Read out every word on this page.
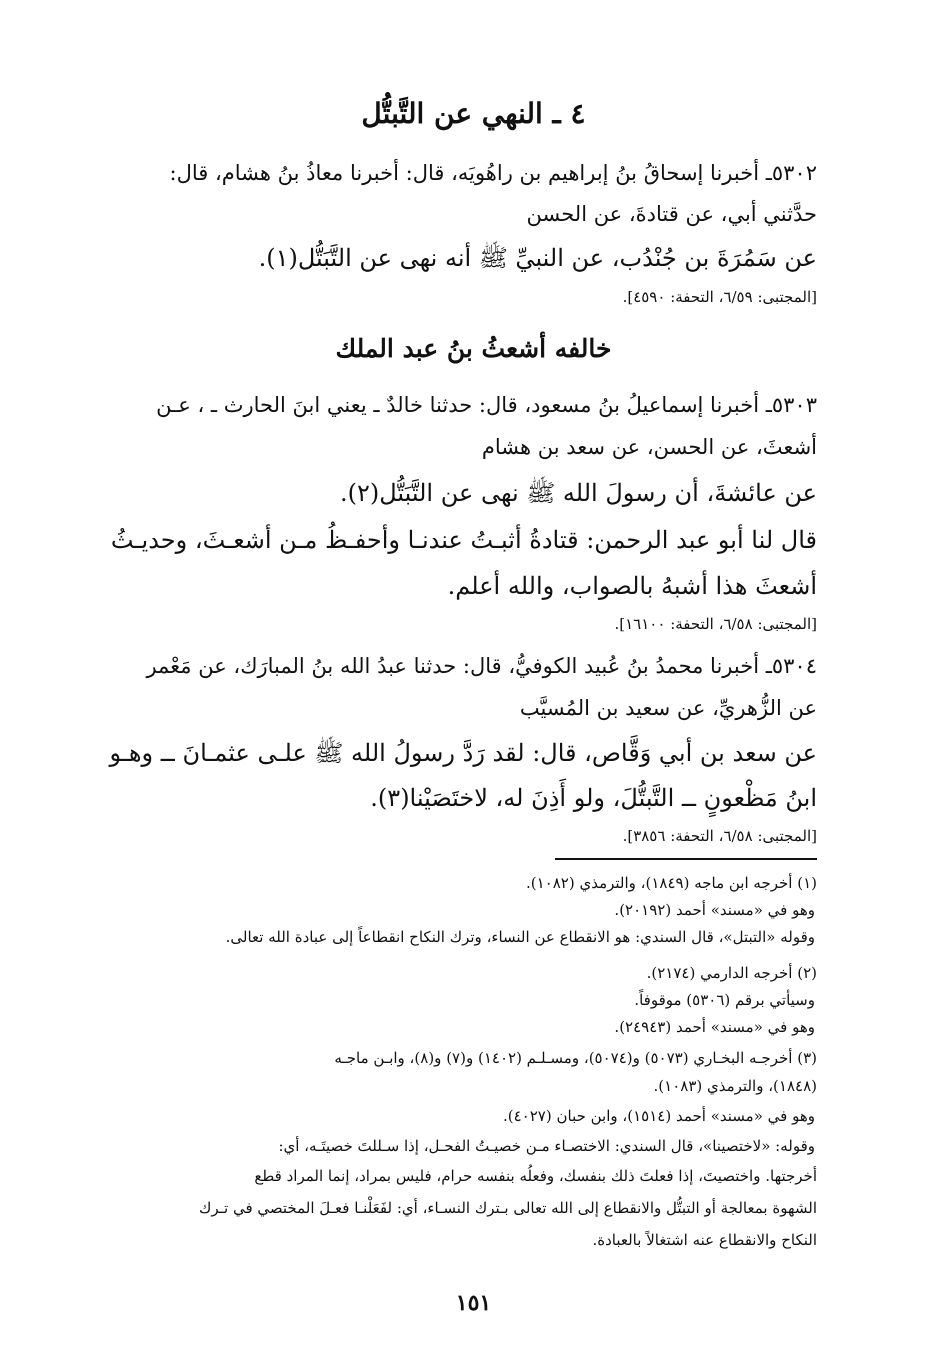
٤ ـ النهي عن التَّبتُّل
٥٣٠٢ـ أخبرنا إسحاقُ بنُ إبراهيم بن راهُويَه، قال: أخبرنا معاذُ بنُ هشام، قال:
حدَّثني أبي، عن قتادةَ، عن الحسن
عن سَمُرَةَ بن جُنْدُب، عن النبيِّ ﷺ أنه نهى عن التَّبَتُّل(١).
[المجتبى: ٦/٥٩، التحفة: ٤٥٩٠].
خالفه أشعثُ بنُ عبد الملك
٥٣٠٣ـ أخبرنا إسماعيلُ بنُ مسعود، قال: حدثنا خالدٌ ـ يعني ابنَ الحارث ـ ، عـن
أشعثَ، عن الحسن، عن سعد بن هشام
عن عائشةَ، أن رسولَ الله ﷺ نهى عن التَّبَتُّل(٢).
قال لنا أبو عبد الرحمن: قتادةُ أثبـتُ عندنـا وأحفـظُ مـن أشعـثَ، وحديـثُ
أشعثَ هذا أشبهُ بالصواب، والله أعلم.
[المجتبى: ٦/٥٨، التحفة: ١٦١٠٠].
٥٣٠٤ـ أخبرنا محمدُ بنُ عُبيد الكوفيُّ، قال: حدثنا عبدُ الله بنُ المبارَك، عن مَعْمر
عن الزُّهريِّ، عن سعيد بن المُسيَّب
عن سعد بن أبي وَقَّاص، قال: لقد رَدَّ رسولُ الله ﷺ علـى عثمـانَ ــ وهـو
ابنُ مَظْعونٍ ــ التَّبتُّلَ، ولو أَذِنَ له، لاختَصَيْنا(٣).
[المجتبى: ٦/٥٨، التحفة: ٣٨٥٦].
(١) أخرجه ابن ماجه (١٨٤٩)، والترمذي (١٠٨٢).
وهو في «مسند» أحمد (٢٠١٩٢).
وقوله «التبتل»، قال السندي: هو الانقطاع عن النساء، وترك النكاح انقطاعاً إلى عبادة الله تعالى.
(٢) أخرجه الدارمي (٢١٧٤).
وسيأتي برقم (٥٣٠٦) موقوفاً.
وهو في «مسند» أحمد (٢٤٩٤٣).
(٣) أخرجـه البخـاري (٥٠٧٣) و(٥٠٧٤)، ومسـلـم (١٤٠٢) و(٧) و(٨)، وابـن ماجـه
(١٨٤٨)، والترمذي (١٠٨٣).
وهو في «مسند» أحمد (١٥١٤)، وابن حبان (٤٠٢٧).
وقوله: «لاختصينا»، قال السندي: الاختصـاء مـن خصيـتُ الفحـل، إذا سـللتَ خصيتَـه، أي:
أخرجتها. واختصيتَ، إذا فعلتَ ذلك بنفسك، وفعلُه بنفسه حرام، فليس بمراد، إنما المراد قطع
الشهوة بمعالجة أو التبتُّل والانقطاع إلى الله تعالى بـترك النسـاء، أي: لفَعَلْنـا فعـلَ المختصي في تـرك
النكاح والانقطاع عنه اشتغالاً بالعبادة.
١٥١
